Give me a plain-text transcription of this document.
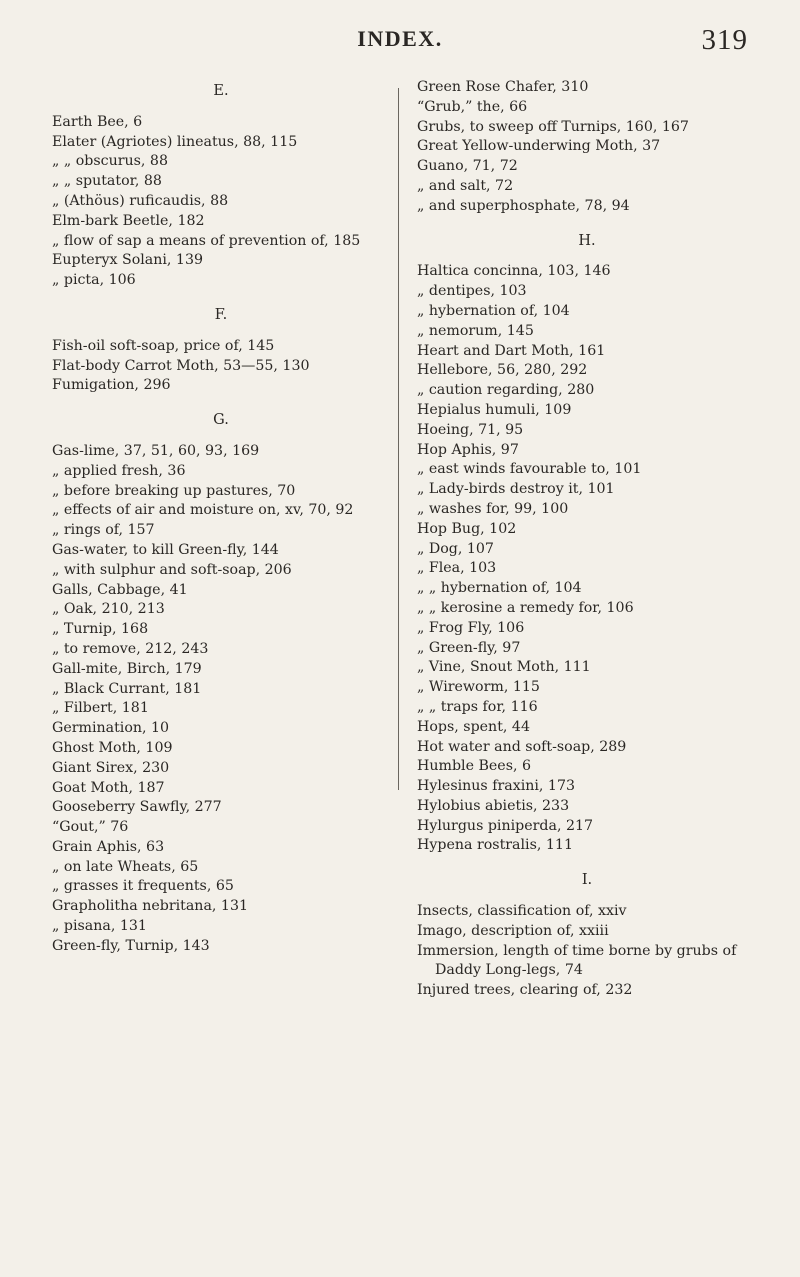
INDEX.	319
E.
Earth Bee, 6
Elater (Agriotes) lineatus, 88, 115
„ „ obscurus, 88
„ „ sputator, 88
„ (Athöus) ruficaudis, 88
Elm-bark Beetle, 182
„ flow of sap a means of prevention of, 185
Eupteryx Solani, 139
„ picta, 106
F.
Fish-oil soft-soap, price of, 145
Flat-body Carrot Moth, 53—55, 130
Fumigation, 296
G.
Gas-lime, 37, 51, 60, 93, 169
„ applied fresh, 36
„ before breaking up pastures, 70
„ effects of air and moisture on, xv, 70, 92
„ rings of, 157
Gas-water, to kill Green-fly, 144
„ with sulphur and soft-soap, 206
Galls, Cabbage, 41
„ Oak, 210, 213
„ Turnip, 168
„ to remove, 212, 243
Gall-mite, Birch, 179
„ Black Currant, 181
„ Filbert, 181
Germination, 10
Ghost Moth, 109
Giant Sirex, 230
Goat Moth, 187
Gooseberry Sawfly, 277
“Gout,” 76
Grain Aphis, 63
„ on late Wheats, 65
„ grasses it frequents, 65
Grapholitha nebritana, 131
„ pisana, 131
Green-fly, Turnip, 143
Green Rose Chafer, 310
“Grub,” the, 66
Grubs, to sweep off Turnips, 160, 167
Great Yellow-underwing Moth, 37
Guano, 71, 72
„ and salt, 72
„ and superphosphate, 78, 94
H.
Haltica concinna, 103, 146
„ dentipes, 103
„ hybernation of, 104
„ nemorum, 145
Heart and Dart Moth, 161
Hellebore, 56, 280, 292
„ caution regarding, 280
Hepialus humuli, 109
Hoeing, 71, 95
Hop Aphis, 97
„ east winds favourable to, 101
„ Lady-birds destroy it, 101
„ washes for, 99, 100
Hop Bug, 102
„ Dog, 107
„ Flea, 103
„ „ hybernation of, 104
„ „ kerosine a remedy for, 106
„ Frog Fly, 106
„ Green-fly, 97
„ Vine, Snout Moth, 111
„ Wireworm, 115
„ „ traps for, 116
Hops, spent, 44
Hot water and soft-soap, 289
Humble Bees, 6
Hylesinus fraxini, 173
Hylobius abietis, 233
Hylurgus piniperda, 217
Hypena rostralis, 111
I.
Insects, classification of, xxiv
Imago, description of, xxiii
Immersion, length of time borne by grubs of Daddy Long-legs, 74
Injured trees, clearing of, 232
